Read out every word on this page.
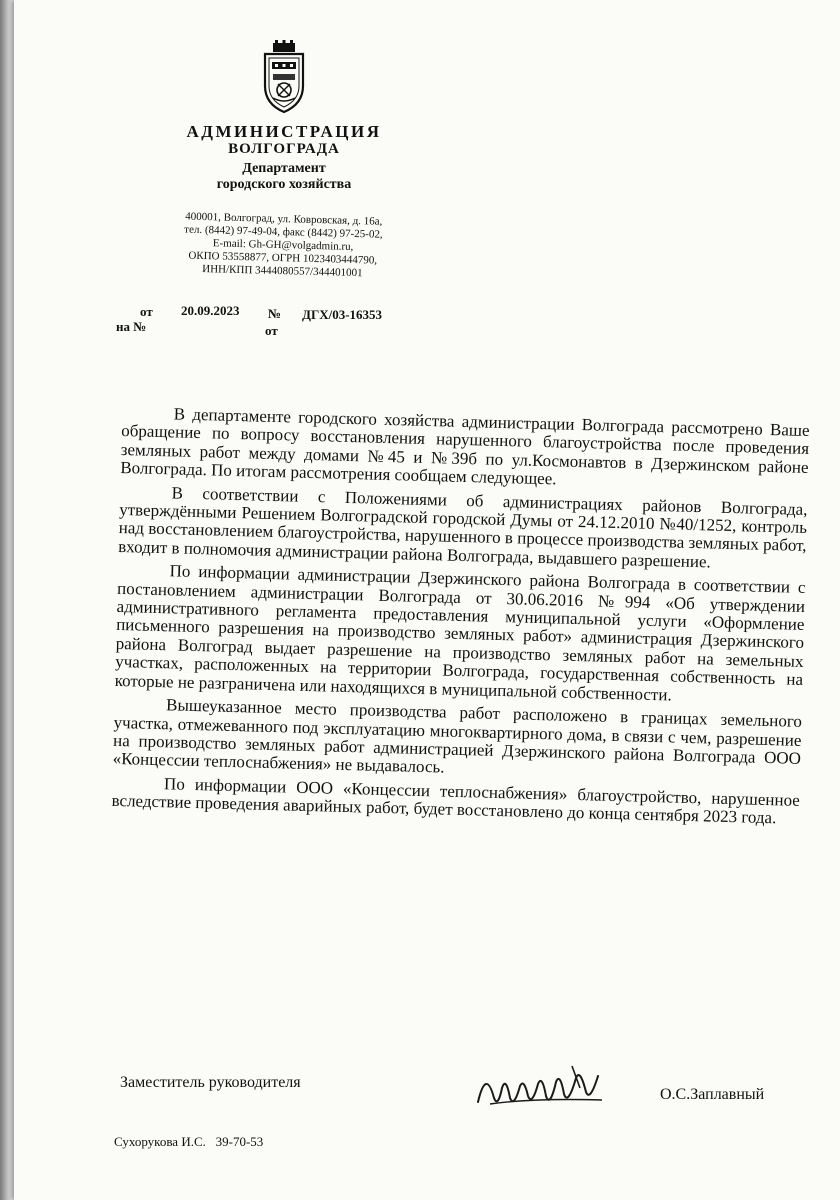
АДМИНИСТРАЦИЯ
ВОЛГОГРАДА
Департамент
городского хозяйства
400001, Волгоград, ул. Ковровская, д. 16а,
тел. (8442) 97-49-04, факс (8442) 97-25-02,
E-mail: Gh-GH@volgadmin.ru,
ОКПО 53558877, ОГРН 1023403444790,
ИНН/КПП 3444080557/344401001
от 20.09.2023 № ДГХ/03-16353
на №	от

В департаменте городского хозяйства администрации Волгограда рассмотрено Ваше обращение по вопросу восстановления нарушенного благоустройства после проведения земляных работ между домами №45 и №39б по ул.Космонавтов в Дзержинском районе Волгограда. По итогам рассмотрения сообщаем следующее.

В соответствии с Положениями об администрациях районов Волгограда, утверждёнными Решением Волгоградской городской Думы от 24.12.2010 №40/1252, контроль над восстановлением благоустройства, нарушенного в процессе производства земляных работ, входит в полномочия администрации района Волгограда, выдавшего разрешение.

По информации администрации Дзержинского района Волгограда в соответствии с постановлением администрации Волгограда от 30.06.2016 №994 «Об утверждении административного регламента предоставления муниципальной услуги «Оформление письменного разрешения на производство земляных работ» администрация Дзержинского района Волгоград выдает разрешение на производство земляных работ на земельных участках, расположенных на территории Волгограда, государственная собственность на которые не разграничена или находящихся в муниципальной собственности.

Вышеуказанное место производства работ расположено в границах земельного участка, отмежеванного под эксплуатацию многоквартирного дома, в связи с чем, разрешение на производство земляных работ администрацией Дзержинского района Волгограда ООО «Концессии теплоснабжения» не выдавалось.

По информации ООО «Концессии теплоснабжения» благоустройство, нарушенное вследствие проведения аварийных работ, будет восстановлено до конца сентября 2023 года.

Заместитель руководителя
О.С.Заплавный
Сухорукова И.С. 39-70-53
